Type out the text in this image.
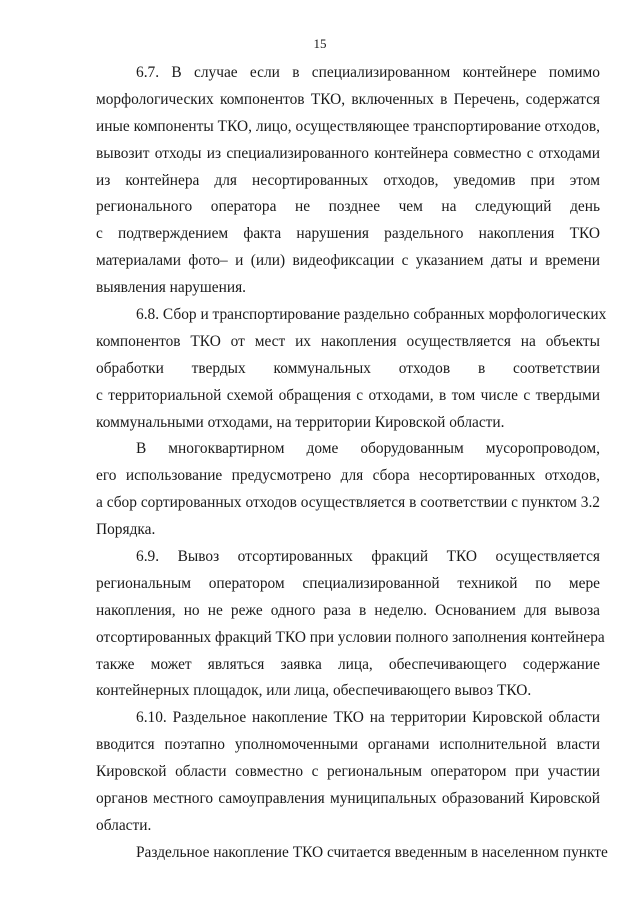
15
6.7. В случае если в специализированном контейнере помимо
морфологических компонентов ТКО, включенных в Перечень, содержатся
иные компоненты ТКО, лицо, осуществляющее транспортирование отходов,
вывозит отходы из специализированного контейнера совместно с отходами
из контейнера для несортированных отходов, уведомив при этом
регионального оператора не позднее чем на следующий день
с подтверждением факта нарушения раздельного накопления ТКО
материалами фото– и (или) видеофиксации с указанием даты и времени
выявления нарушения.
6.8. Сбор и транспортирование раздельно собранных морфологических
компонентов ТКО от мест их накопления осуществляется на объекты
обработки твердых коммунальных отходов в соответствии
с территориальной схемой обращения с отходами, в том числе с твердыми
коммунальными отходами, на территории Кировской области.
В многоквартирном доме оборудованным мусоропроводом,
его использование предусмотрено для сбора несортированных отходов,
а сбор сортированных отходов осуществляется в соответствии с пунктом 3.2
Порядка.
6.9. Вывоз отсортированных фракций ТКО осуществляется
региональным оператором специализированной техникой по мере
накопления, но не реже одного раза в неделю. Основанием для вывоза
отсортированных фракций ТКО при условии полного заполнения контейнера
также может являться заявка лица, обеспечивающего содержание
контейнерных площадок, или лица, обеспечивающего вывоз ТКО.
6.10. Раздельное накопление ТКО на территории Кировской области
вводится поэтапно уполномоченными органами исполнительной власти
Кировской области совместно с региональным оператором при участии
органов местного самоуправления муниципальных образований Кировской
области.
Раздельное накопление ТКО считается введенным в населенном пункте
